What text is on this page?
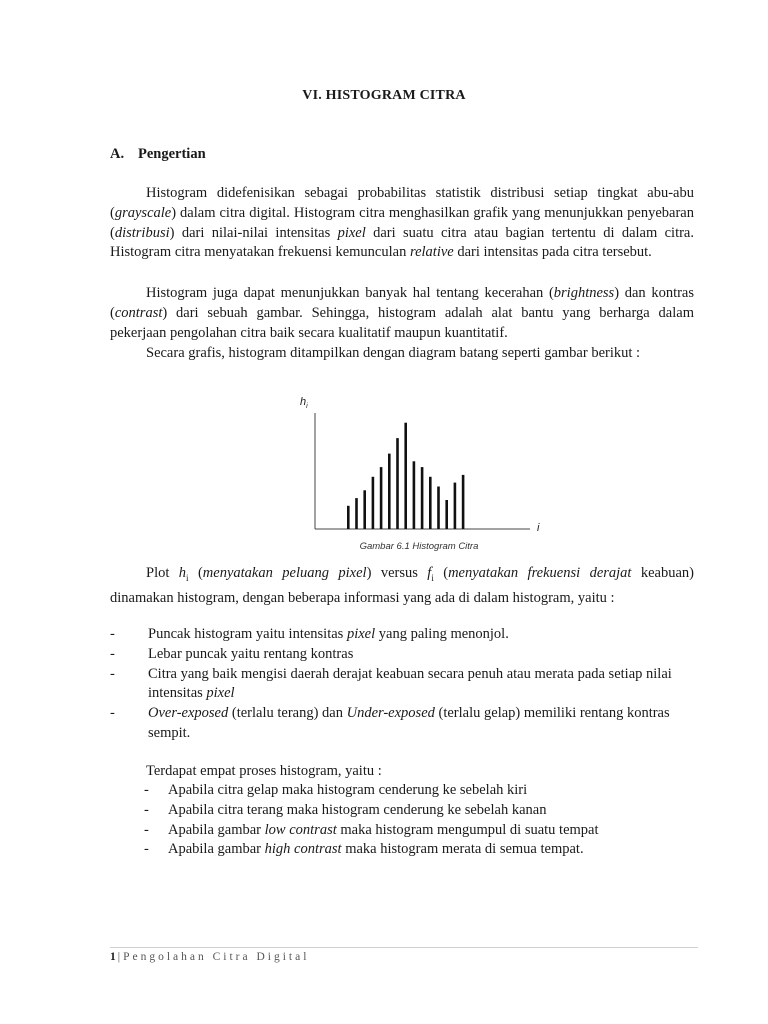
VI. HISTOGRAM CITRA
A. Pengertian

Histogram didefenisikan sebagai probabilitas statistik distribusi setiap tingkat abu-abu (grayscale) dalam citra digital. Histogram citra menghasilkan grafik yang menunjukkan penyebaran (distribusi) dari nilai-nilai intensitas pixel dari suatu citra atau bagian tertentu di dalam citra. Histogram citra menyatakan frekuensi kemunculan relative dari intensitas pada citra tersebut.

Histogram juga dapat menunjukkan banyak hal tentang kecerahan (brightness) dan kontras (contrast) dari sebuah gambar. Sehingga, histogram adalah alat bantu yang berharga dalam pekerjaan pengolahan citra baik secara kualitatif maupun kuantitatif.

Secara grafis, histogram ditampilkan dengan diagram batang seperti gambar berikut :

$h_i$
i
Gambar 6.1 Histogram Citra

Plot $h_i$ (menyatakan peluang pixel) versus $f_i$ (menyatakan frekuensi derajat keabuan) dinamakan histogram, dengan beberapa informasi yang ada di dalam histogram, yaitu :

- Puncak histogram yaitu intensitas pixel yang paling menonjol.
- Lebar puncak yaitu rentang kontras
- Citra yang baik mengisi daerah derajat keabuan secara penuh atau merata pada setiap nilai intensitas pixel
- Over-exposed (terlalu terang) dan Under-exposed (terlalu gelap) memiliki rentang kontras sempit.

Terdapat empat proses histogram, yaitu :

- Apabila citra gelap maka histogram cenderung ke sebelah kiri
- Apabila citra terang maka histogram cenderung ke sebelah kanan
- Apabila gambar low contrast maka histogram mengumpul di suatu tempat
- Apabila gambar high contrast maka histogram merata di semua tempat.
1 | Pengolahan Citra Digital
